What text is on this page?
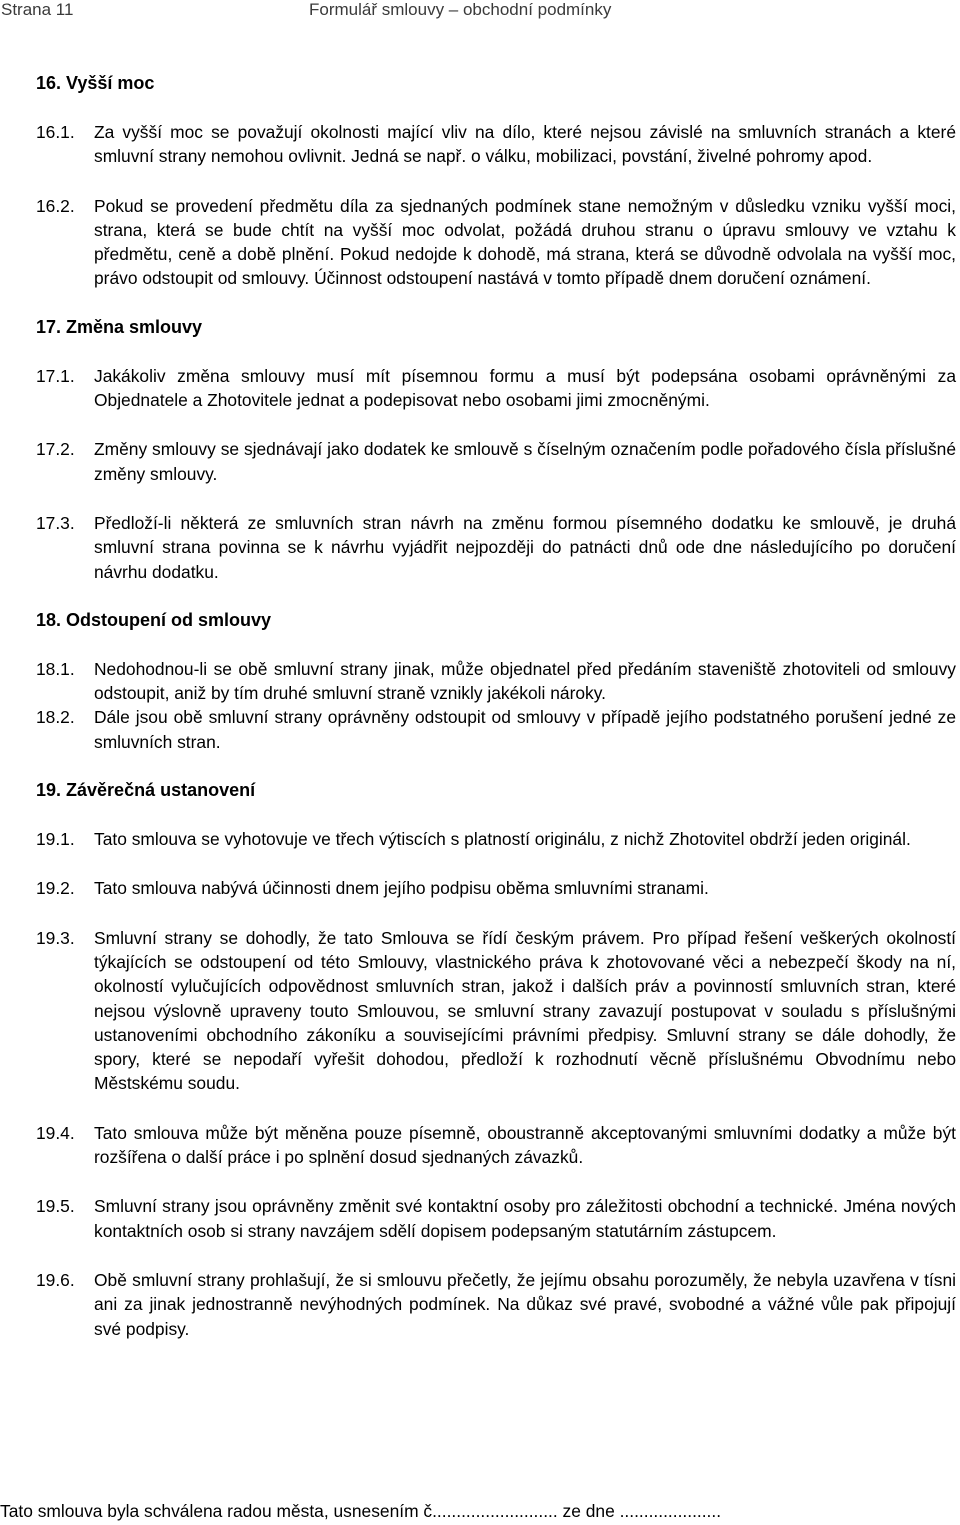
Strana 11	Formulář smlouvy – obchodní podmínky
16. Vyšší moc
16.1.	Za vyšší moc se považují okolnosti mající vliv na dílo, které nejsou závislé na smluvních stranách a které smluvní strany nemohou ovlivnit. Jedná se např. o válku, mobilizaci, povstání, živelné pohromy apod.
16.2.	Pokud se provedení předmětu díla za sjednaných podmínek stane nemožným v důsledku vzniku vyšší moci, strana, která se bude chtít na vyšší moc odvolat, požádá druhou stranu o úpravu smlouvy ve vztahu k předmětu, ceně a době plnění. Pokud nedojde k dohodě, má strana, která se důvodně odvolala na vyšší moc, právo odstoupit od smlouvy. Účinnost odstoupení nastává v tomto případě dnem doručení oznámení.
17. Změna smlouvy
17.1.	Jakákoliv změna smlouvy musí mít písemnou formu a musí být podepsána osobami oprávněnými za Objednatele a Zhotovitele jednat a podepisovat nebo osobami jimi zmocněnými.
17.2.	Změny smlouvy se sjednávají jako dodatek ke smlouvě s číselným označením podle pořadového čísla příslušné změny smlouvy.
17.3.	Předloží-li některá ze smluvních stran návrh na změnu formou písemného dodatku ke smlouvě, je druhá smluvní strana povinna se k návrhu vyjádřit nejpozději do patnácti dnů ode dne následujícího po doručení návrhu dodatku.
18. Odstoupení od smlouvy
18.1.	Nedohodnou-li se obě smluvní strany jinak, může objednatel před předáním staveniště zhotoviteli od smlouvy odstoupit, aniž by tím druhé smluvní straně vznikly jakékoli nároky.
18.2.	Dále jsou obě smluvní strany oprávněny odstoupit od smlouvy v případě jejího podstatného porušení jedné ze smluvních stran.
19. Závěrečná ustanovení
19.1.	Tato smlouva se vyhotovuje ve třech výtiscích s platností originálu, z nichž Zhotovitel obdrží jeden originál.
19.2.	Tato smlouva nabývá účinnosti dnem jejího podpisu oběma smluvními stranami.
19.3.	Smluvní strany se dohodly, že tato Smlouva se řídí českým právem. Pro případ řešení veškerých okolností týkajících se odstoupení od této Smlouvy, vlastnického práva k zhotovované věci a nebezpečí škody na ní, okolností vylučujících odpovědnost smluvních stran, jakož i dalších práv a povinností smluvních stran, které nejsou výslovně upraveny touto Smlouvou, se smluvní strany zavazují postupovat v souladu s příslušnými ustanoveními obchodního zákoníku a souvisejícími právními předpisy. Smluvní strany se dále dohodly, že spory, které se nepodaří vyřešit dohodou, předloží k rozhodnutí věcně příslušnému Obvodnímu nebo Městskému soudu.
19.4.	Tato smlouva může být měněna pouze písemně, oboustranně akceptovanými smluvními dodatky a může být rozšířena o další práce i po splnění dosud sjednaných závazků.
19.5.	Smluvní strany jsou oprávněny změnit své kontaktní osoby pro záležitosti obchodní a technické. Jména nových kontaktních osob si strany navzájem sdělí dopisem podepsaným statutárním zástupcem.
19.6.	Obě smluvní strany prohlašují, že si smlouvu přečetly, že jejímu obsahu porozuměly, že nebyla uzavřena v tísni ani za jinak jednostranně nevýhodných podmínek. Na důkaz své pravé, svobodné a vážné vůle pak připojují své podpisy.
Tato smlouva byla schválena radou města, usnesením č.......................... ze dne .....................
